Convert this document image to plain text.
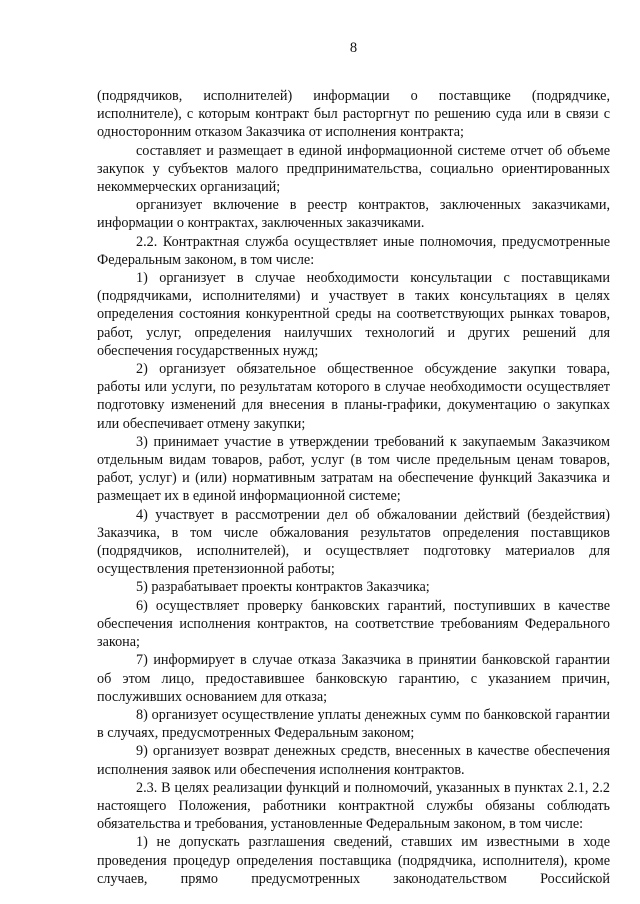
8

(подрядчиков, исполнителей) информации о поставщике (подрядчике, исполнителе), с которым контракт был расторгнут по решению суда или в связи с односторонним отказом Заказчика от исполнения контракта;

составляет и размещает в единой информационной системе отчет об объеме закупок у субъектов малого предпринимательства, социально ориентированных некоммерческих организаций;

организует включение в реестр контрактов, заключенных заказчиками, информации о контрактах, заключенных заказчиками.

2.2. Контрактная служба осуществляет иные полномочия, предусмотренные Федеральным законом, в том числе:

1) организует в случае необходимости консультации с поставщиками (подрядчиками, исполнителями) и участвует в таких консультациях в целях определения состояния конкурентной среды на соответствующих рынках товаров, работ, услуг, определения наилучших технологий и других решений для обеспечения государственных нужд;

2) организует обязательное общественное обсуждение закупки товара, работы или услуги, по результатам которого в случае необходимости осуществляет подготовку изменений для внесения в планы-графики, документацию о закупках или обеспечивает отмену закупки;

3) принимает участие в утверждении требований к закупаемым Заказчиком отдельным видам товаров, работ, услуг (в том числе предельным ценам товаров, работ, услуг) и (или) нормативным затратам на обеспечение функций Заказчика и размещает их в единой информационной системе;

4) участвует в рассмотрении дел об обжаловании действий (бездействия) Заказчика, в том числе обжалования результатов определения поставщиков (подрядчиков, исполнителей), и осуществляет подготовку материалов для осуществления претензионной работы;

5) разрабатывает проекты контрактов Заказчика;

6) осуществляет проверку банковских гарантий, поступивших в качестве обеспечения исполнения контрактов, на соответствие требованиям Федерального закона;

7) информирует в случае отказа Заказчика в принятии банковской гарантии об этом лицо, предоставившее банковскую гарантию, с указанием причин, послуживших основанием для отказа;

8) организует осуществление уплаты денежных сумм по банковской гарантии в случаях, предусмотренных Федеральным законом;

9) организует возврат денежных средств, внесенных в качестве обеспечения исполнения заявок или обеспечения исполнения контрактов.

2.3. В целях реализации функций и полномочий, указанных в пунктах 2.1, 2.2 настоящего Положения, работники контрактной службы обязаны соблюдать обязательства и требования, установленные Федеральным законом, в том числе:

1) не допускать разглашения сведений, ставших им известными в ходе проведения процедур определения поставщика (подрядчика, исполнителя), кроме случаев, прямо предусмотренных законодательством Российской
